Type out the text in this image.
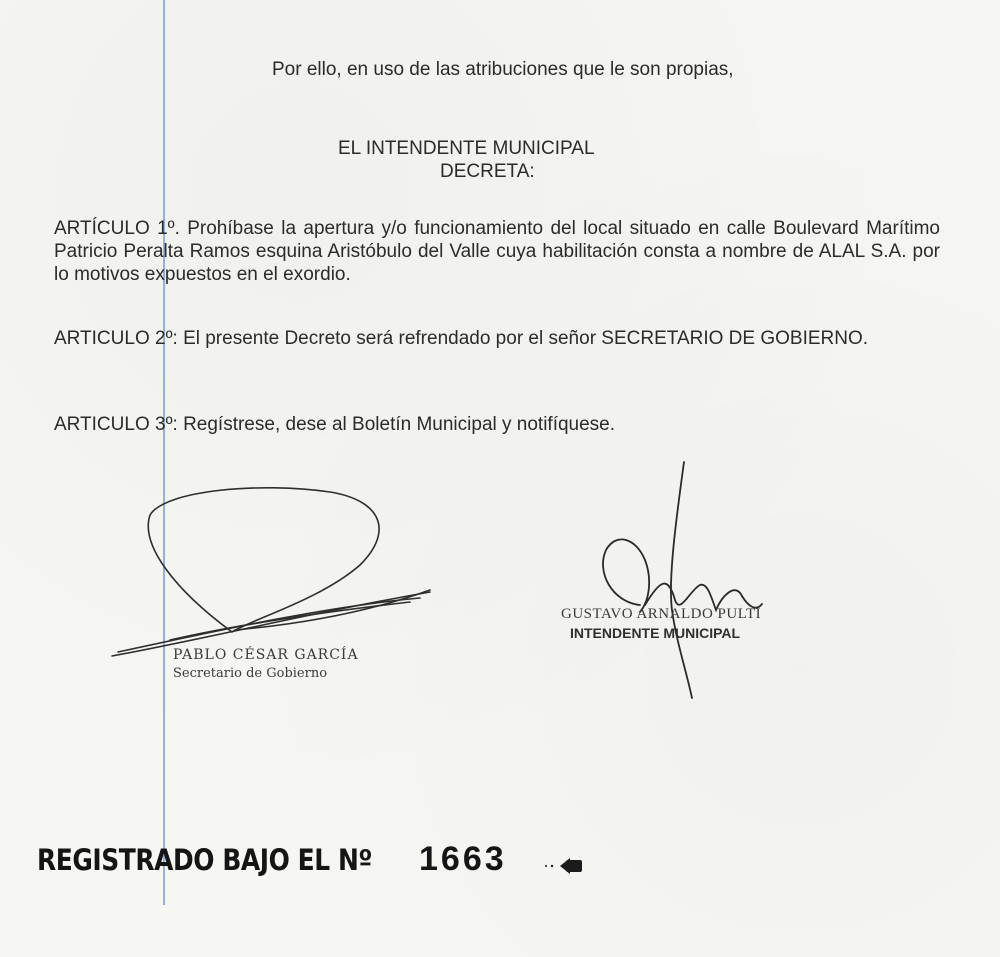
Por ello, en uso de las atribuciones que le son propias,
EL INTENDENTE MUNICIPAL
DECRETA:
ARTÍCULO 1º. Prohíbase la apertura y/o funcionamiento del local situado en calle Boulevard Marítimo Patricio Peralta Ramos esquina Aristóbulo del Valle cuya habilitación consta a nombre de ALAL S.A. por lo motivos expuestos en el exordio.
ARTICULO 2º: El presente Decreto será refrendado por el señor SECRETARIO DE GOBIERNO.
ARTICULO 3º: Regístrese, dese al Boletín Municipal y notifíquese.
PABLO CÉSAR GARCÍA
Secretario de Gobierno
GUSTAVO ARNALDO PULTI
INTENDENTE MUNICIPAL
REGISTRADO BAJO EL Nº 1663
